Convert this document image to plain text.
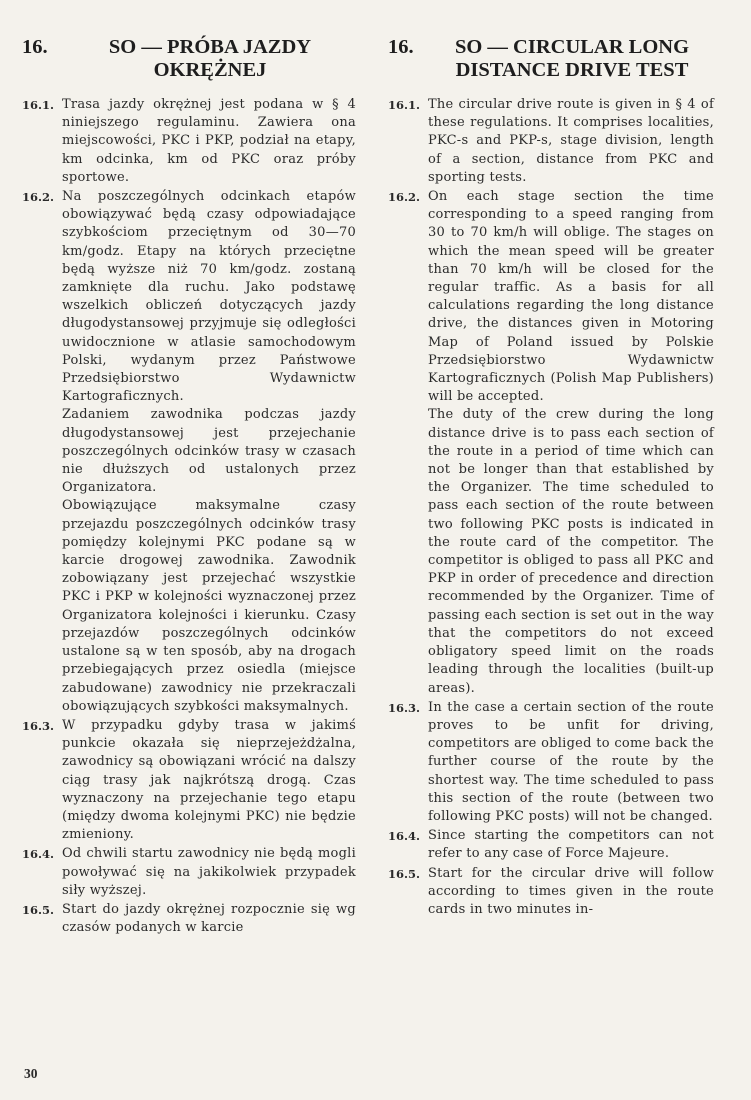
16.	SO — PRÓBA JAZDY OKRĘŻNEJ
16.1. Trasa jazdy okrężnej jest podana w § 4 niniejszego regulaminu. Zawiera ona miejscowości, PKC i PKP, podział na etapy, km odcinka, km od PKC oraz próby sportowe.

16.2. Na poszczególnych odcinkach etapów obowiązywać będą czasy odpowiadające szybkościom przeciętnym od 30—70 km/godz. Etapy na których przeciętne będą wyższe niż 70 km/godz. zostaną zamknięte dla ruchu. Jako podstawę wszelkich obliczeń dotyczących jazdy długodystansowej przyjmuje się odległości uwidocznione w atlasie samochodowym Polski, wydanym przez Państwowe Przedsiębiorstwo Wydawnictw Kartograficznych.

Zadaniem zawodnika podczas jazdy długodystansowej jest przejechanie poszczególnych odcinków trasy w czasach nie dłuższych od ustalonych przez Organizatora.

Obowiązujące maksymalne czasy przejazdu poszczególnych odcinków trasy pomiędzy kolejnymi PKC podane są w karcie drogowej zawodnika. Zawodnik zobowiązany jest przejechać wszystkie PKC i PKP w kolejności wyznaczonej przez Organizatora kolejności i kierunku. Czasy przejazdów poszczególnych odcinków ustalone są w ten sposób, aby na drogach przebiegających przez osiedla (miejsce zabudowane) zawodnicy nie przekraczali obowiązujących szybkości maksymalnych.

16.3. W przypadku gdyby trasa w jakimś punkcie okazała się nieprzejeżdżalna, zawodnicy są obowiązani wrócić na dalszy ciąg trasy jak najkrótszą drogą. Czas wyznaczony na przejechanie tego etapu (między dwoma kolejnymi PKC) nie będzie zmieniony.

16.4. Od chwili startu zawodnicy nie będą mogli powoływać się na jakikolwiek przypadek siły wyższej.

16.5. Start do jazdy okrężnej rozpocznie się wg czasów podanych w karcie

16.	SO — CIRCULAR LONG DISTANCE DRIVE TEST
16.1. The circular drive route is given in § 4 of these regulations. It comprises localities, PKC-s and PKP-s, stage division, length of a section, distance from PKC and sporting tests.

16.2. On each stage section the time corresponding to a speed ranging from 30 to 70 km/h will oblige. The stages on which the mean speed will be greater than 70 km/h will be closed for the regular traffic. As a basis for all calculations regarding the long distance drive, the distances given in Motoring Map of Poland issued by Polskie Przedsiębiorstwo Wydawnictw Kartograficznych (Polish Map Publishers) will be accepted.

The duty of the crew during the long distance drive is to pass each section of the route in a period of time which can not be longer than that established by the Organizer. The time scheduled to pass each section of the route between two following PKC posts is indicated in the route card of the competitor. The competitor is obliged to pass all PKC and PKP in order of precedence and direction recommended by the Organizer. Time of passing each section is set out in the way that the competitors do not exceed obligatory speed limit on the roads leading through the localities (built-up areas).

16.3. In the case a certain section of the route proves to be unfit for driving, competitors are obliged to come back the further course of the route by the shortest way. The time scheduled to pass this section of the route (between two following PKC posts) will not be changed.

16.4. Since starting the competitors can not refer to any case of Force Majeure.

16.5. Start for the circular drive will follow according to times given in the route cards in two minutes in-

30
